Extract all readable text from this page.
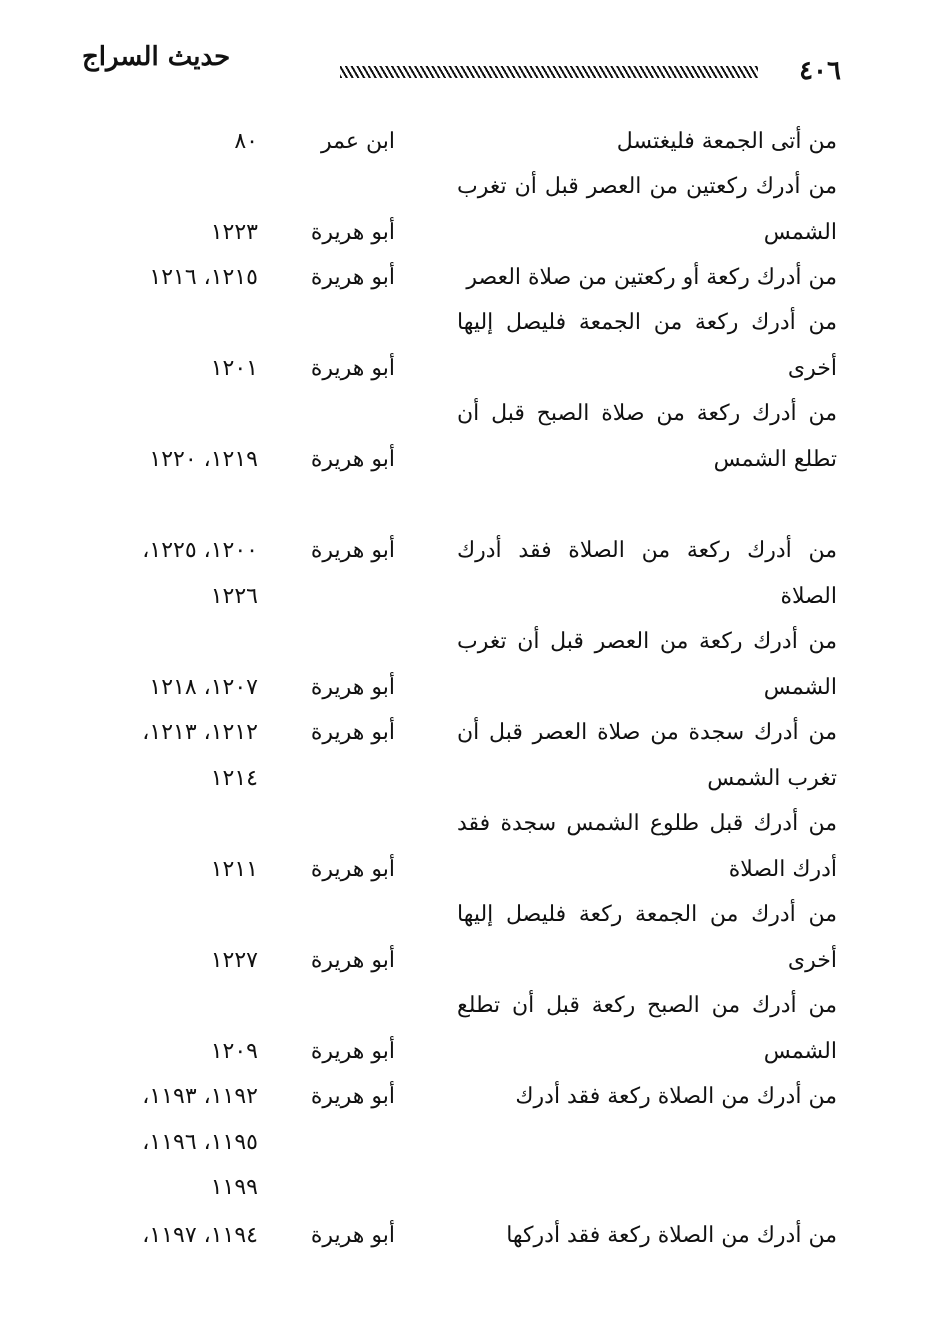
٤٠٦
حديث السراج
من أتى الجمعة فليغتسل
ابن عمر
٨٠
من أدرك ركعتين من العصر قبل أن تغرب الشمس
أبو هريرة
١٢٢٣
من أدرك ركعة أو ركعتين من صلاة العصر
أبو هريرة
١٢١٥، ١٢١٦
من أدرك ركعة من الجمعة فليصل إليها أخرى
أبو هريرة
١٢٠١
من أدرك ركعة من صلاة الصبح قبل أن تطلع الشمس
أبو هريرة
١٢١٩، ١٢٢٠
من أدرك ركعة من الصلاة فقد أدرك الصلاة
أبو هريرة
١٢٠٠، ١٢٢٥، ١٢٢٦
من أدرك ركعة من العصر قبل أن تغرب الشمس
أبو هريرة
١٢٠٧، ١٢١٨
من أدرك سجدة من صلاة العصر قبل أن تغرب الشمس
أبو هريرة
١٢١٢، ١٢١٣، ١٢١٤
من أدرك قبل طلوع الشمس سجدة فقد أدرك الصلاة
أبو هريرة
١٢١١
من أدرك من الجمعة ركعة فليصل إليها أخرى
أبو هريرة
١٢٢٧
من أدرك من الصبح ركعة قبل أن تطلع الشمس
أبو هريرة
١٢٠٩
من أدرك من الصلاة ركعة فقد أدرك
أبو هريرة
١١٩٢، ١١٩٣، ١١٩٥، ١١٩٦، ١١٩٩
من أدرك من الصلاة ركعة فقد أدركها
أبو هريرة
١١٩٤، ١١٩٧،
